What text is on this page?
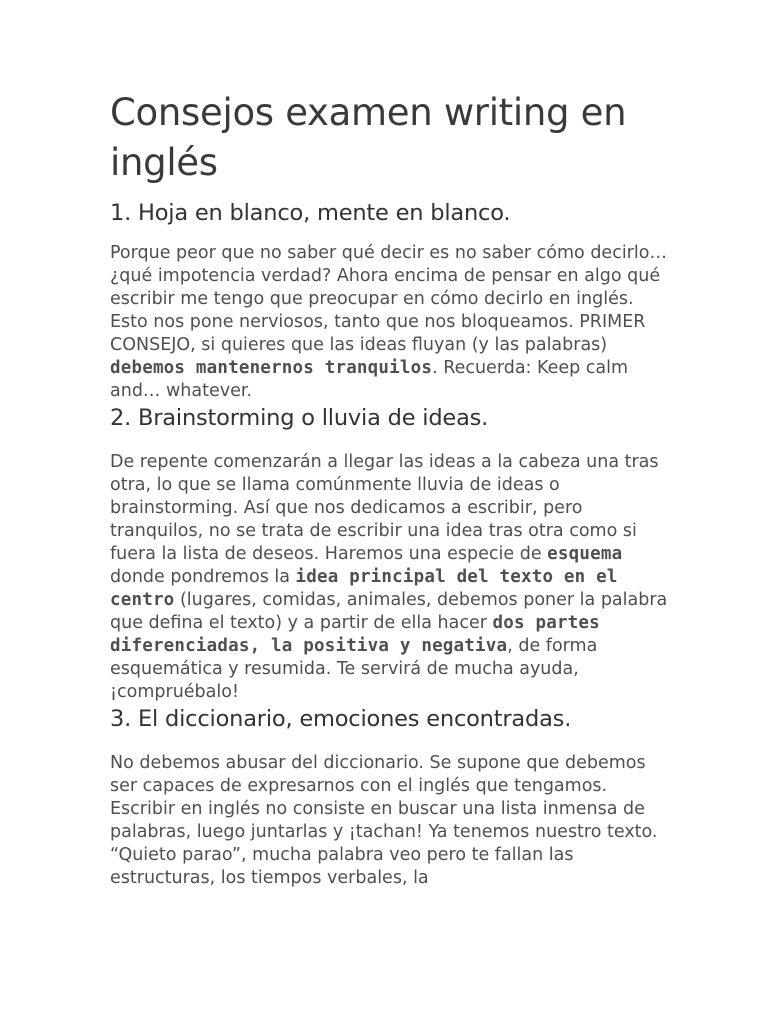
Consejos examen writing en inglés
1. Hoja en blanco, mente en blanco.

Porque peor que no saber qué decir es no saber cómo decirlo… ¿qué impotencia verdad? Ahora encima de pensar en algo qué escribir me tengo que preocupar en cómo decirlo en inglés. Esto nos pone nerviosos, tanto que nos bloqueamos. PRIMER CONSEJO, si quieres que las ideas fluyan (y las palabras) debemos mantenernos tranquilos. Recuerda: Keep calm and… whatever.

2. Brainstorming o lluvia de ideas.

De repente comenzarán a llegar las ideas a la cabeza una tras otra, lo que se llama comúnmente lluvia de ideas o brainstorming. Así que nos dedicamos a escribir, pero tranquilos, no se trata de escribir una idea tras otra como si fuera la lista de deseos. Haremos una especie de esquema donde pondremos la idea principal del texto en el centro (lugares, comidas, animales, debemos poner la palabra que defina el texto) y a partir de ella hacer dos partes diferenciadas, la positiva y negativa, de forma esquemática y resumida. Te servirá de mucha ayuda, ¡compruébalo!

3. El diccionario, emociones encontradas.

No debemos abusar del diccionario. Se supone que debemos ser capaces de expresarnos con el inglés que tengamos. Escribir en inglés no consiste en buscar una lista inmensa de palabras, luego juntarlas y ¡tachan! Ya tenemos nuestro texto. “Quieto parao”, mucha palabra veo pero te fallan las estructuras, los tiempos verbales, la
